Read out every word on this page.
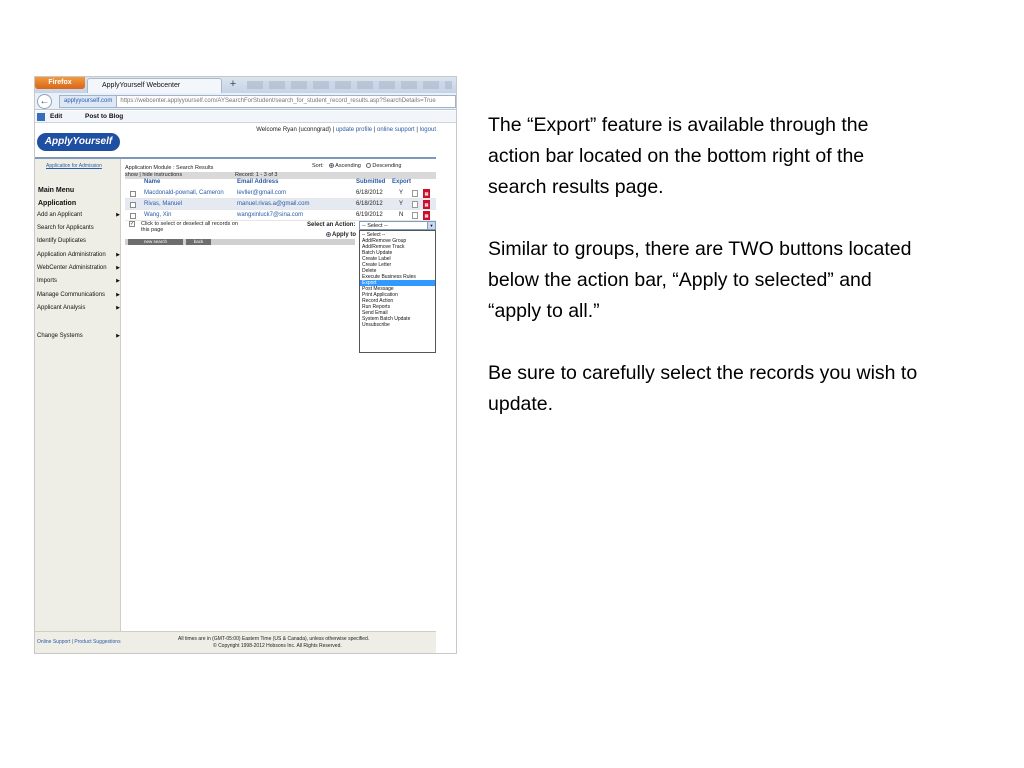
Firefox	ApplyYourself Webcenter	+
←	applyyourself.com https://webcenter.applyyourself.com/AYSearchForStudent/search_for_student_record_results.asp?SearchDetails=True
Edit	Post to Blog
ApplyYourself
Welcome Ryan (uconngrad) | update profile | online support | logout
Application for Admission
Main Menu
Application
Add an Applicant	▶
Search for Applicants
Identify Duplicates
Application Administration ▶
WebCenter Administration ▶
Imports	▶
Manage Communications ▶
Applicant Analysis	▶
Change Systems	▶
Application Module : Search Results	Sort: Ascending Descending
show | hide instructions	Record: 1 - 3 of 3
Name	Email Address	Submitted Export
Macdonald-pownall, Cameron levller@gmail.com	6/18/2012	Y	▤
Rivas, Manuel	manuel.rivas.a@gmail.com	6/18/2012	Y	▤
Wang, Xin	wangxinluck7@sina.com	6/19/2012	N	▤
✓ Click to select or deselect all records on this page
Select an Action:
Apply to
new search	back
-- Select --	▼
-- Select --
Add/Remove Group
Add/Remove Track
Batch Update
Create Label
Create Letter
Delete
Execute Business Rules
Export
Post Message
Print Application
Record Action
Run Reports
Send Email
System Batch Update
Unsubscribe
Online Support | Product Suggestions	All times are in (GMT-05:00) Eastern Time (US & Canada), unless otherwise specified.
© Copyright 1998-2012 Hobsons Inc. All Rights Reserved.

The “Export” feature is available through the action bar located on the bottom right of the search results page.

Similar to groups, there are TWO buttons located below the action bar, “Apply to selected” and “apply to all.”

Be sure to carefully select the records you wish to update.
